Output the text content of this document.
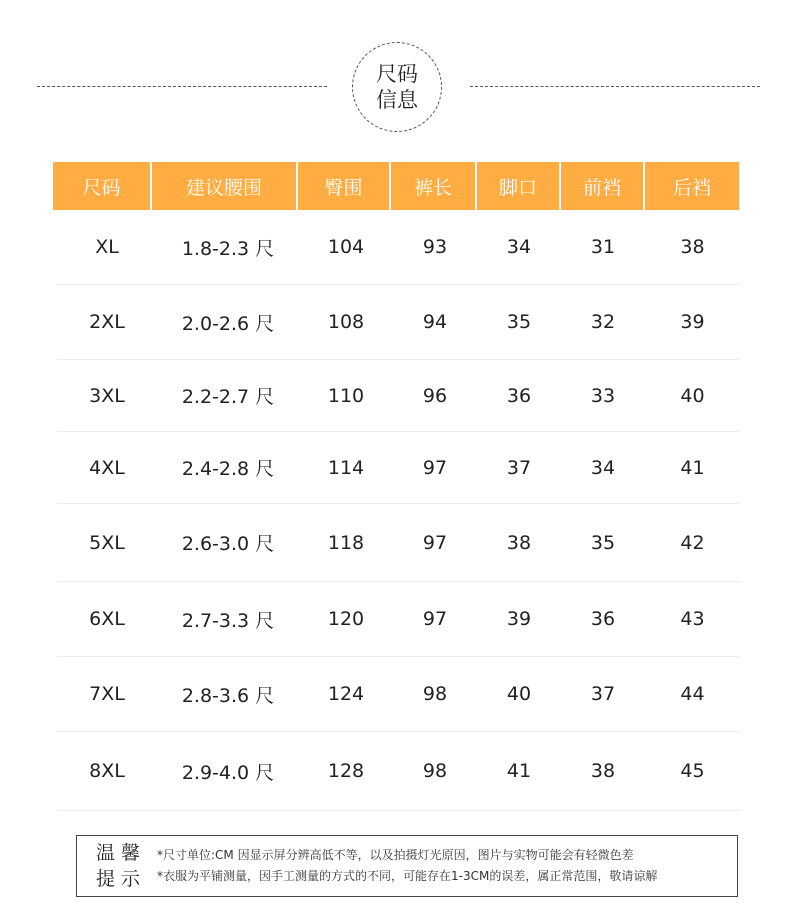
尺码
信息
尺码	建议腰围	臀围	裤长	脚口	前裆	后裆
XL	1.8-2.3 尺	104	93	34	31	38
2XL	2.0-2.6 尺	108	94	35	32	39
3XL	2.2-2.7 尺	110	96	36	33	40
4XL	2.4-2.8 尺	114	97	37	34	41
5XL	2.6-3.0 尺	118	97	38	35	42
6XL	2.7-3.3 尺	120	97	39	36	43
7XL	2.8-3.6 尺	124	98	40	37	44
8XL	2.9-4.0 尺	128	98	41	38	45
温馨
提示
*尺寸单位:CM 因显示屏分辨高低不等，以及拍摄灯光原因，图片与实物可能会有轻微色差
*衣服为平铺测量，因手工测量的方式的不同，可能存在1-3CM的误差，属正常范围，敬请谅解
